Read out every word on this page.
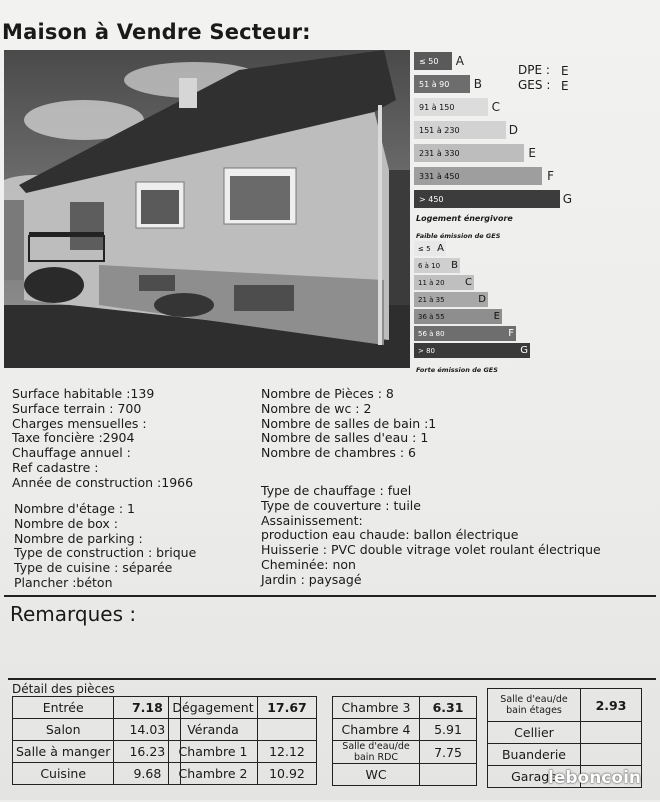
Maison à Vendre Secteur:
≤ 50 A
51 à 90 B
91 à 150	C
151 à 230	D
231 à 330	E
331 à 450	F
> 450	G
≤ 5 A
6 à 10 B
11 à 20 C
21 à 35	D
36 à 55	E
56 à 80	F
> 80	G
Logement énergivore
Faible émission de GES
Forte émission de GES
DPE : E
GES : E
Surface habitable :139
Surface terrain : 700
Charges mensuelles :
Taxe foncière :2904
Chauffage annuel :
Ref cadastre :
Année de construction :1966
Nombre d'étage : 1
Nombre de box :
Nombre de parking :
Type de construction : brique
Type de cuisine : séparée
Plancher :béton
Nombre de Pièces : 8
Nombre de wc : 2
Nombre de salles de bain :1
Nombre de salles d'eau : 1
Nombre de chambres : 6
Type de chauffage : fuel
Type de couverture : tuile
Assainissement:
production eau chaude: ballon électrique
Huisserie : PVC double vitrage volet roulant électrique
Cheminée: non
Jardin : paysagé
Remarques :
Détail des pièces
Entrée	7.18
Salon	14.03
Salle à manger	16.23
Cuisine	9.68
Dégagement	17.67
Véranda	
Chambre 1	12.12
Chambre 2	10.92
Chambre 3	6.31
Chambre 4	5.91
Salle d'eau/de bain RDC	7.75
WC	
Salle d'eau/de bain étages	2.93
Cellier	
Buanderie	
Garage	
leboncoin
